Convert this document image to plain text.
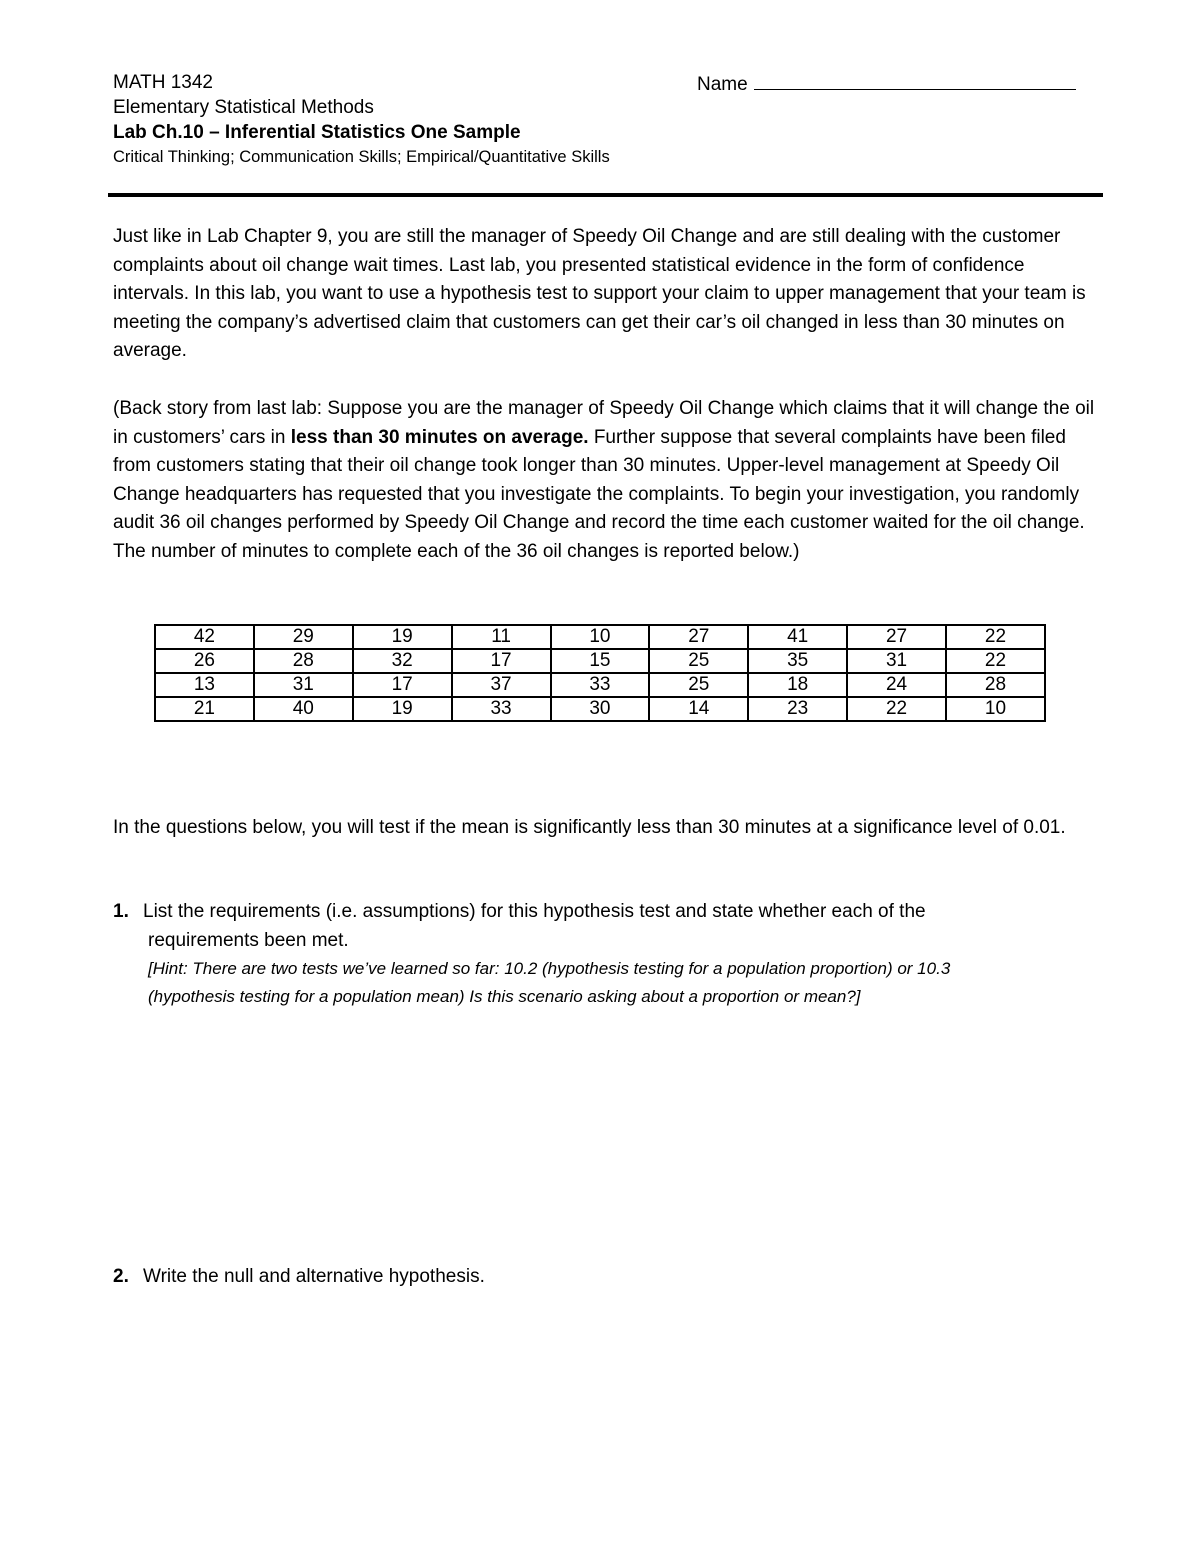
MATH 1342
Elementary Statistical Methods
Lab Ch.10 – Inferential Statistics One Sample
Critical Thinking; Communication Skills; Empirical/Quantitative Skills
Name
Just like in Lab Chapter 9, you are still the manager of Speedy Oil Change and are still dealing with the customer complaints about oil change wait times. Last lab, you presented statistical evidence in the form of confidence intervals. In this lab, you want to use a hypothesis test to support your claim to upper management that your team is meeting the company’s advertised claim that customers can get their car’s oil changed in less than 30 minutes on average.
(Back story from last lab: Suppose you are the manager of Speedy Oil Change which claims that it will change the oil in customers’ cars in less than 30 minutes on average. Further suppose that several complaints have been filed from customers stating that their oil change took longer than 30 minutes. Upper-level management at Speedy Oil Change headquarters has requested that you investigate the complaints. To begin your investigation, you randomly audit 36 oil changes performed by Speedy Oil Change and record the time each customer waited for the oil change. The number of minutes to complete each of the 36 oil changes is reported below.)
42	29	19	11	10	27	41	27	22
26	28	32	17	15	25	35	31	22
13	31	17	37	33	25	18	24	28
21	40	19	33	30	14	23	22	10
In the questions below, you will test if the mean is significantly less than 30 minutes at a significance level of 0.01.
1. List the requirements (i.e. assumptions) for this hypothesis test and state whether each of the
requirements been met.
[Hint: There are two tests we’ve learned so far: 10.2 (hypothesis testing for a population proportion) or 10.3
(hypothesis testing for a population mean) Is this scenario asking about a proportion or mean?]
2. Write the null and alternative hypothesis.
